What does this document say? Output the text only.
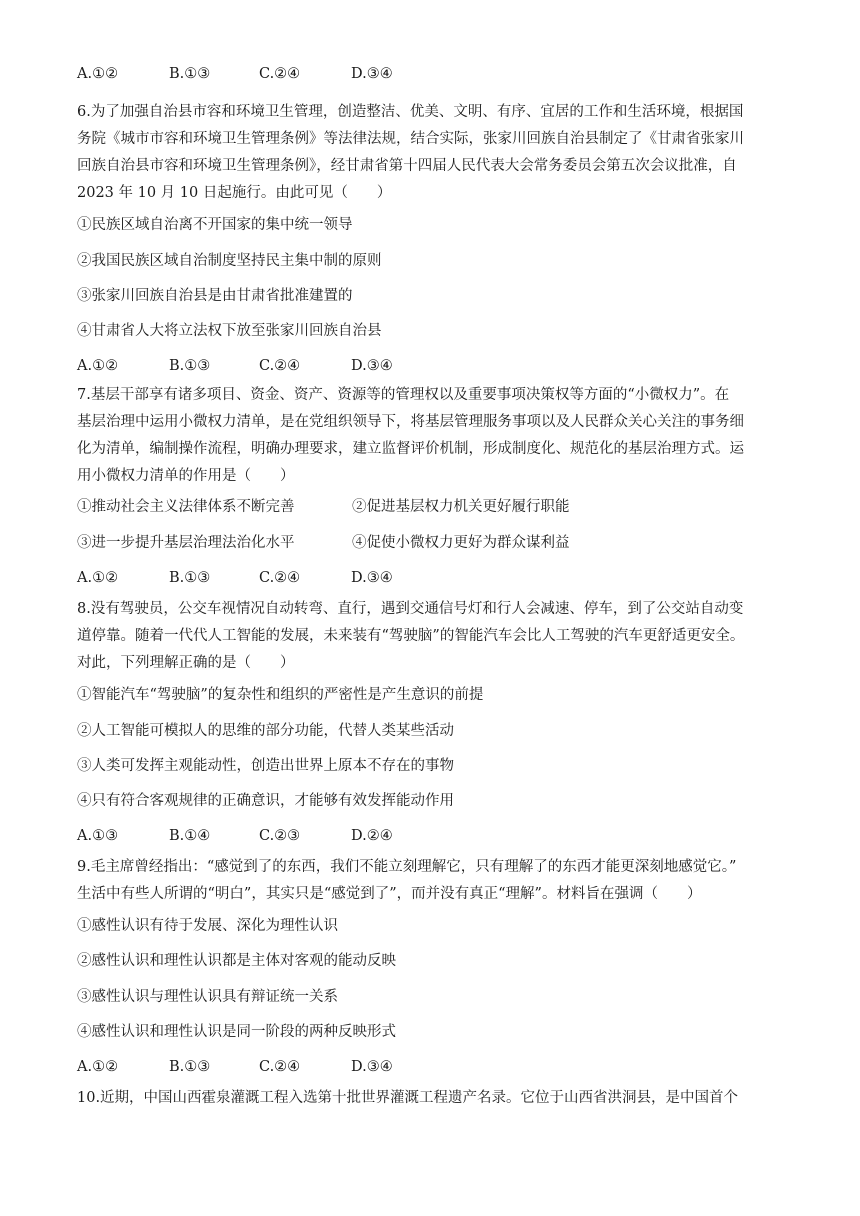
A.①②	B.①③	C.②④	D.③④
6.为了加强自治县市容和环境卫生管理，创造整洁、优美、文明、有序、宜居的工作和生活环境，根据国
务院《城市市容和环境卫生管理条例》等法律法规，结合实际，张家川回族自治县制定了《甘肃省张家川
回族自治县市容和环境卫生管理条例》，经甘肃省第十四届人民代表大会常务委员会第五次会议批准，自
2023 年 10 月 10 日起施行。由此可见（　　）
①民族区域自治离不开国家的集中统一领导
②我国民族区域自治制度坚持民主集中制的原则
③张家川回族自治县是由甘肃省批准建置的
④甘肃省人大将立法权下放至张家川回族自治县
A.①②	B.①③	C.②④	D.③④
7.基层干部享有诸多项目、资金、资产、资源等的管理权以及重要事项决策权等方面的“小微权力”。在
基层治理中运用小微权力清单，是在党组织领导下，将基层管理服务事项以及人民群众关心关注的事务细
化为清单，编制操作流程，明确办理要求，建立监督评价机制，形成制度化、规范化的基层治理方式。运
用小微权力清单的作用是（　　）
①推动社会主义法律体系不断完善	②促进基层权力机关更好履行职能
③进一步提升基层治理法治化水平	④促使小微权力更好为群众谋利益
A.①②	B.①③	C.②④	D.③④
8.没有驾驶员，公交车视情况自动转弯、直行，遇到交通信号灯和行人会减速、停车，到了公交站自动变
道停靠。随着一代代人工智能的发展，未来装有“驾驶脑”的智能汽车会比人工驾驶的汽车更舒适更安全。
对此，下列理解正确的是（　　）
①智能汽车“驾驶脑”的复杂性和组织的严密性是产生意识的前提
②人工智能可模拟人的思维的部分功能，代替人类某些活动
③人类可发挥主观能动性，创造出世界上原本不存在的事物
④只有符合客观规律的正确意识，才能够有效发挥能动作用
A.①③	B.①④	C.②③	D.②④
9.毛主席曾经指出：“感觉到了的东西，我们不能立刻理解它，只有理解了的东西才能更深刻地感觉它。”
生活中有些人所谓的“明白”，其实只是“感觉到了”，而并没有真正“理解”。材料旨在强调（　　）
①感性认识有待于发展、深化为理性认识
②感性认识和理性认识都是主体对客观的能动反映
③感性认识与理性认识具有辩证统一关系
④感性认识和理性认识是同一阶段的两种反映形式
A.①②	B.①③	C.②④	D.③④
10.近期，中国山西霍泉灌溉工程入选第十批世界灌溉工程遗产名录。它位于山西省洪洞县，是中国首个
